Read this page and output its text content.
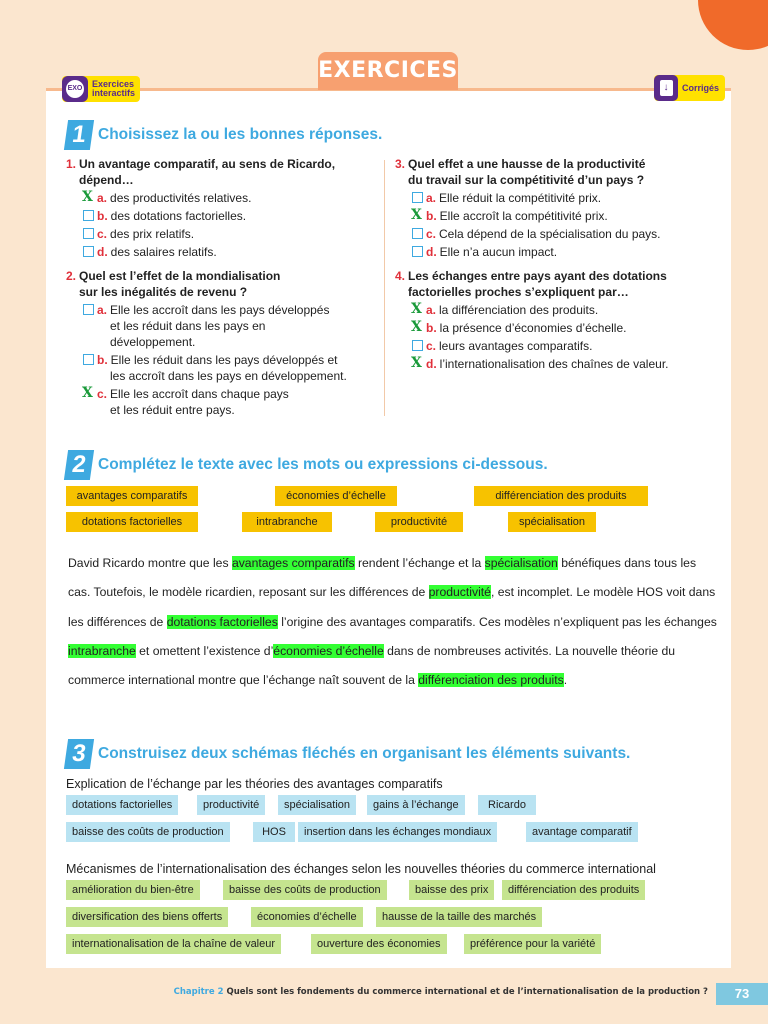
EXERCICES
EXO Exercices
interactifs	↓	Corrigés
1 Choisissez la ou les bonnes réponses.
1. Un avantage comparatif, au sens de Ricardo,
dépend…
X
a. des productivités relatives.
b. des dotations factorielles.
c. des prix relatifs.
d. des salaires relatifs.
2. Quel est l’effet de la mondialisation
sur les inégalités de revenu ?
a. Elle les accroît dans les pays développés
et les réduit dans les pays en
développement.
b. Elle les réduit dans les pays développés et
les accroît dans les pays en développement.
X
c. Elle les accroît dans chaque pays
et les réduit entre pays.
3. Quel effet a une hausse de la productivité
du travail sur la compétitivité d’un pays ?
a. Elle réduit la compétitivité prix.
X
b. Elle accroît la compétitivité prix.
c. Cela dépend de la spécialisation du pays.
d. Elle n’a aucun impact.
4. Les échanges entre pays ayant des dotations
factorielles proches s’expliquent par…
X
a. la différenciation des produits.
X
b. la présence d’économies d’échelle.
c. leurs avantages comparatifs.
X
d. l’internationalisation des chaînes de valeur.
2 Complétez le texte avec les mots ou expressions ci-dessous.
avantages comparatifs	économies d’échelle	différenciation des produits
dotations factorielles	intrabranche	productivité	spécialisation
David Ricardo montre que les avantages comparatifs rendent l’échange et la spécialisation bénéfiques dans tous les cas. Toutefois, le modèle ricardien, reposant sur les différences de productivité, est incomplet. Le modèle HOS voit dans les différences de dotations factorielles l’origine des avantages comparatifs. Ces modèles n’expliquent pas les échanges intrabranche et omettent l’existence d’économies d’échelle dans de nombreuses activités. La nouvelle théorie du commerce international montre que l’échange naît souvent de la différenciation des produits.
3 Construisez deux schémas fléchés en organisant les éléments suivants.
Explication de l’échange par les théories des avantages comparatifs
dotations factorielles	productivité	spécialisation	gains à l’échange	Ricardo
baisse des coûts de production	HOS	insertion dans les échanges mondiaux	avantage comparatif
Mécanismes de l’internationalisation des échanges selon les nouvelles théories du commerce international
amélioration du bien-être	baisse des coûts de production	baisse des prix	différenciation des produits
diversification des biens offerts	économies d’échelle	hausse de la taille des marchés
internationalisation de la chaîne de valeur	ouverture des économies	préférence pour la variété
Chapitre 2 Quels sont les fondements du commerce international et de l’internationalisation de la production ?	73
